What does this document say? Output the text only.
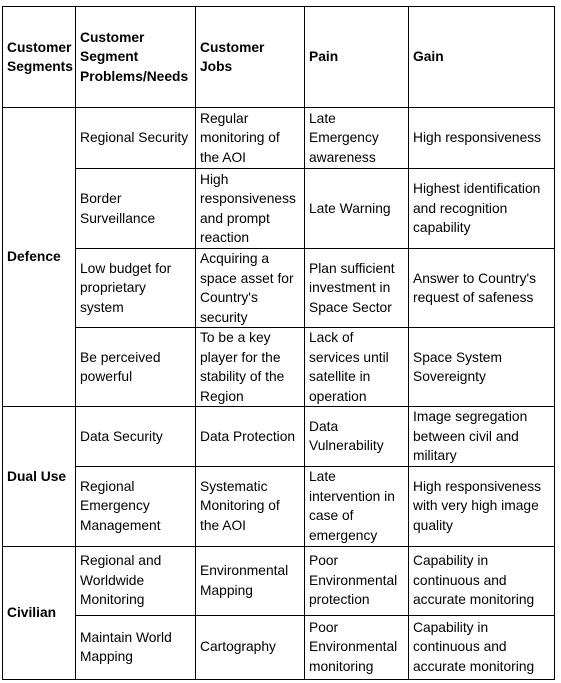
Customer Segments	Customer Segment Problems/Needs	Customer Jobs	Pain	Gain
Defence	Regional Security	Regular monitoring of the AOI	Late Emergency awareness	High responsiveness
	Border Surveillance	High responsiveness and prompt reaction	Late Warning	Highest identification and recognition capability
	Low budget for proprietary system	Acquiring a space asset for Country's security	Plan sufficient investment in Space Sector	Answer to Country's request of safeness
	Be perceived powerful	To be a key player for the stability of the Region	Lack of services until satellite in operation	Space System Sovereignty
Dual Use	Data Security	Data Protection	Data Vulnerability	Image segregation between civil and military
	Regional Emergency Management	Systematic Monitoring of the AOI	Late intervention in case of emergency	High responsiveness with very high image quality
Civilian	Regional and Worldwide Monitoring	Environmental Mapping	Poor Environmental protection	Capability in continuous and accurate monitoring
	Maintain World Mapping	Cartography	Poor Environmental monitoring	Capability in continuous and accurate monitoring
